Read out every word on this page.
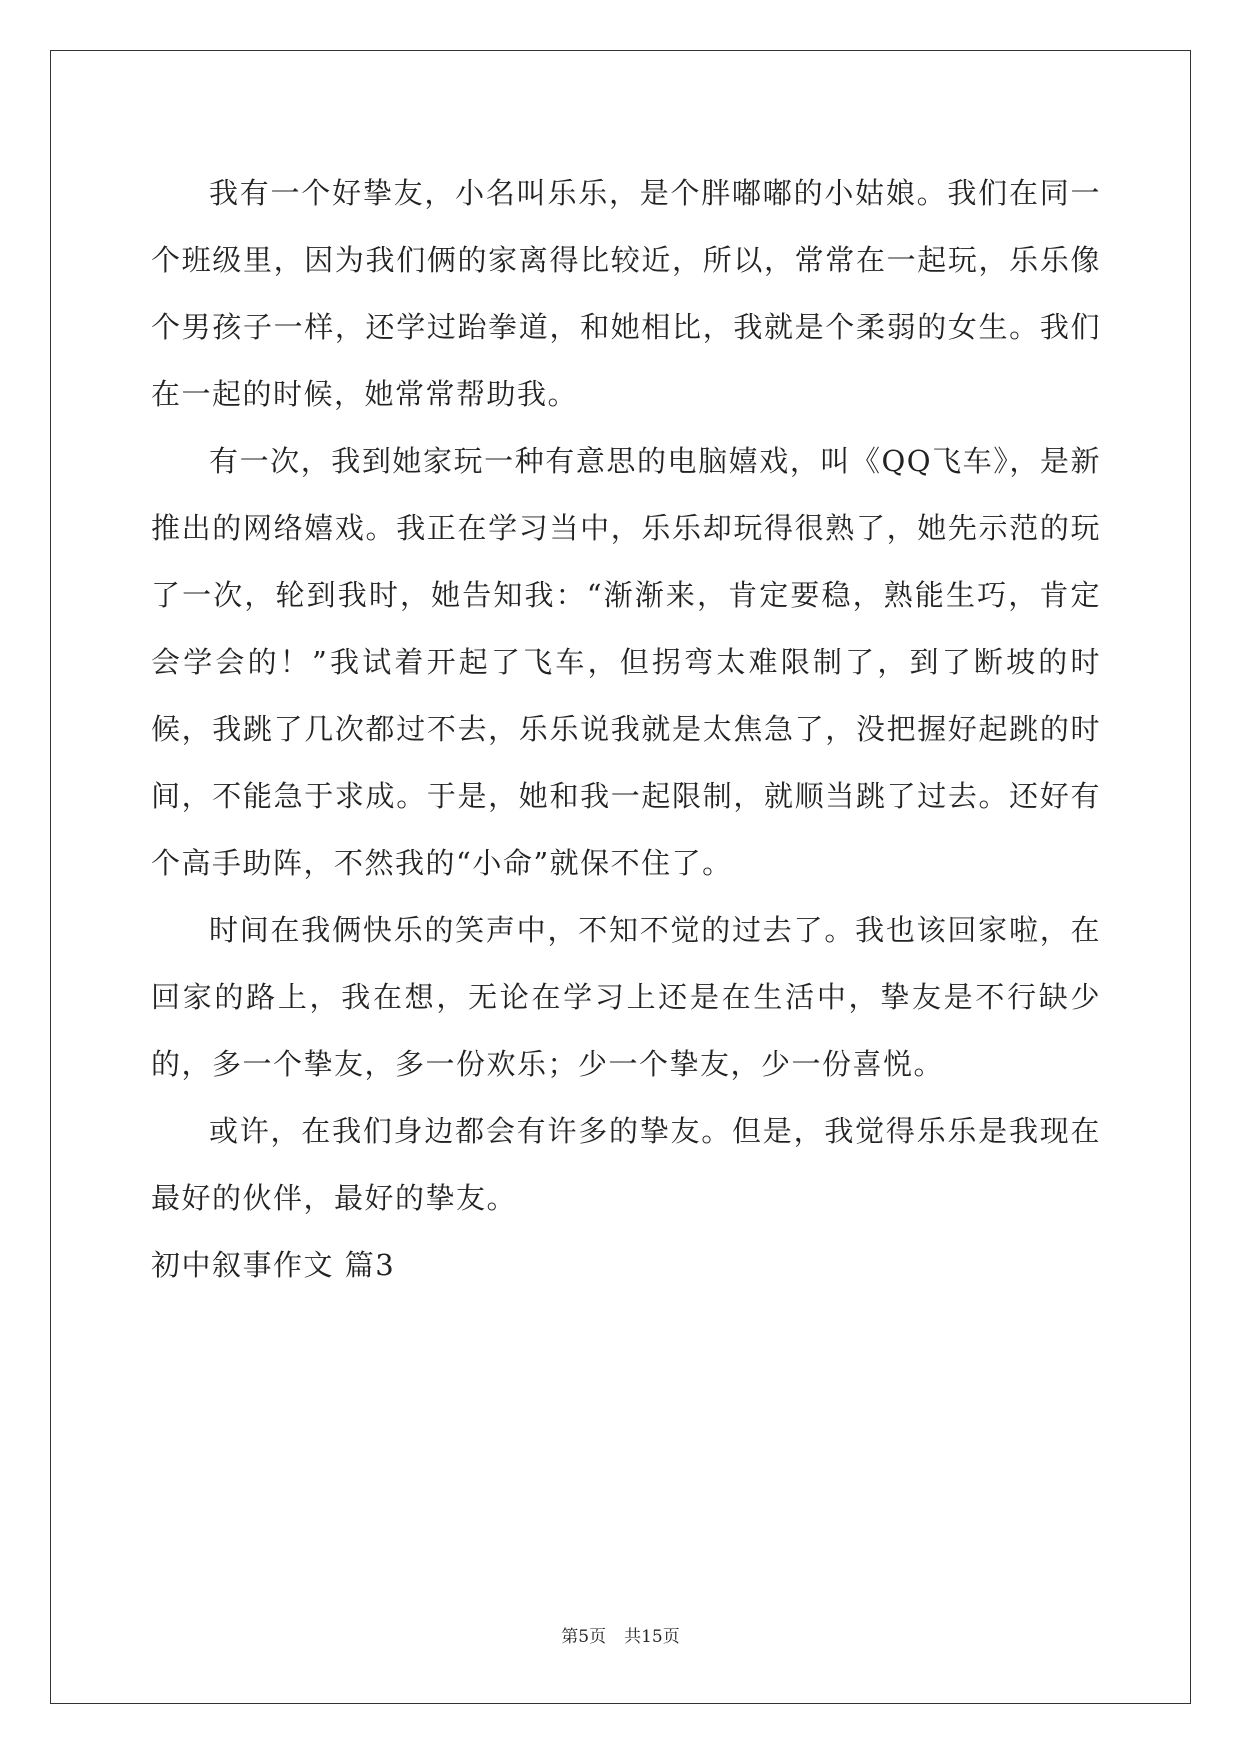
我有一个好挚友，小名叫乐乐，是个胖嘟嘟的小姑娘。我们在同一个班级里，因为我们俩的家离得比较近，所以，常常在一起玩，乐乐像个男孩子一样，还学过跆拳道，和她相比，我就是个柔弱的女生。我们在一起的时候，她常常帮助我。

有一次，我到她家玩一种有意思的电脑嬉戏，叫《QQ飞车》，是新推出的网络嬉戏。我正在学习当中，乐乐却玩得很熟了，她先示范的玩了一次，轮到我时，她告知我：“渐渐来，肯定要稳，熟能生巧，肯定会学会的！”我试着开起了飞车，但拐弯太难限制了，到了断坡的时候，我跳了几次都过不去，乐乐说我就是太焦急了，没把握好起跳的时间，不能急于求成。于是，她和我一起限制，就顺当跳了过去。还好有个高手助阵，不然我的“小命”就保不住了。

时间在我俩快乐的笑声中，不知不觉的过去了。我也该回家啦，在回家的路上，我在想，无论在学习上还是在生活中，挚友是不行缺少的，多一个挚友，多一份欢乐；少一个挚友，少一份喜悦。

或许，在我们身边都会有许多的挚友。但是，我觉得乐乐是我现在最好的伙伴，最好的挚友。

初中叙事作文 篇3

第5页 共15页
